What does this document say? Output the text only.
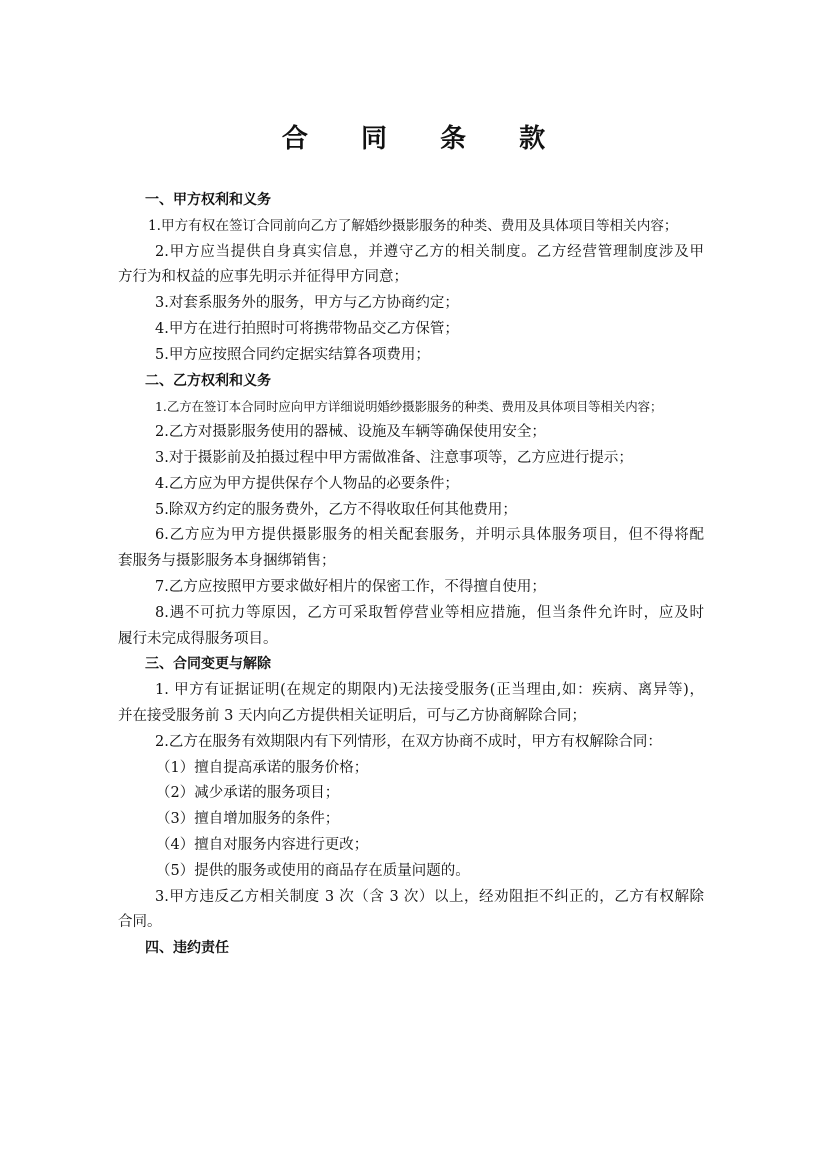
合 同 条 款
一、甲方权利和义务
1.甲方有权在签订合同前向乙方了解婚纱摄影服务的种类、费用及具体项目等相关内容；
2.甲方应当提供自身真实信息，并遵守乙方的相关制度。乙方经营管理制度涉及甲
方行为和权益的应事先明示并征得甲方同意；
3.对套系服务外的服务，甲方与乙方协商约定；
4.甲方在进行拍照时可将携带物品交乙方保管；
5.甲方应按照合同约定据实结算各项费用；
二、乙方权利和义务
1.乙方在签订本合同时应向甲方详细说明婚纱摄影服务的种类、费用及具体项目等相关内容；
2.乙方对摄影服务使用的器械、设施及车辆等确保使用安全；
3.对于摄影前及拍摄过程中甲方需做准备、注意事项等，乙方应进行提示；
4.乙方应为甲方提供保存个人物品的必要条件；
5.除双方约定的服务费外，乙方不得收取任何其他费用；
6.乙方应为甲方提供摄影服务的相关配套服务，并明示具体服务项目，但不得将配
套服务与摄影服务本身捆绑销售；
7.乙方应按照甲方要求做好相片的保密工作，不得擅自使用；
8.遇不可抗力等原因，乙方可采取暂停营业等相应措施，但当条件允许时，应及时
履行未完成得服务项目。
三、合同变更与解除
1. 甲方有证据证明(在规定的期限内)无法接受服务(正当理由,如：疾病、离异等)，
并在接受服务前 3 天内向乙方提供相关证明后，可与乙方协商解除合同；
2.乙方在服务有效期限内有下列情形，在双方协商不成时，甲方有权解除合同：
（1）擅自提高承诺的服务价格；
（2）减少承诺的服务项目；
（3）擅自增加服务的条件；
（4）擅自对服务内容进行更改；
（5）提供的服务或使用的商品存在质量问题的。
3.甲方违反乙方相关制度 3 次（含 3 次）以上，经劝阻拒不纠正的，乙方有权解除
合同。
四、违约责任
